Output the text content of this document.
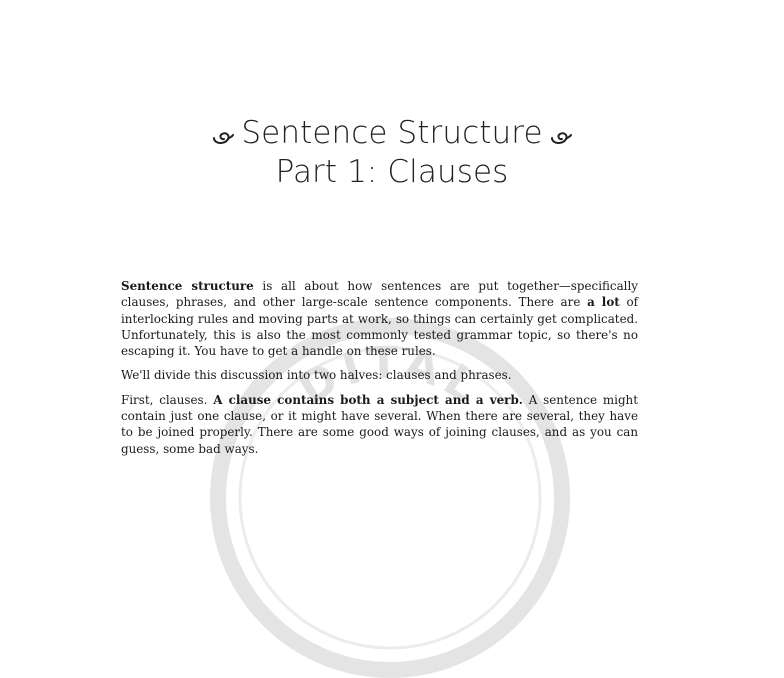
DITAL
Sentence Structure
Part 1: Clauses

Sentence structure is all about how sentences are put together—specifically clauses, phrases, and other large-scale sentence components. There are a lot of interlocking rules and moving parts at work, so things can certainly get complicated. Unfortunately, this is also the most commonly tested grammar topic, so there's no escaping it. You have to get a handle on these rules.

We'll divide this discussion into two halves: clauses and phrases.

First, clauses. A clause contains both a subject and a verb. A sentence might contain just one clause, or it might have several. When there are several, they have to be joined properly. There are some good ways of joining clauses, and as you can guess, some bad ways.
